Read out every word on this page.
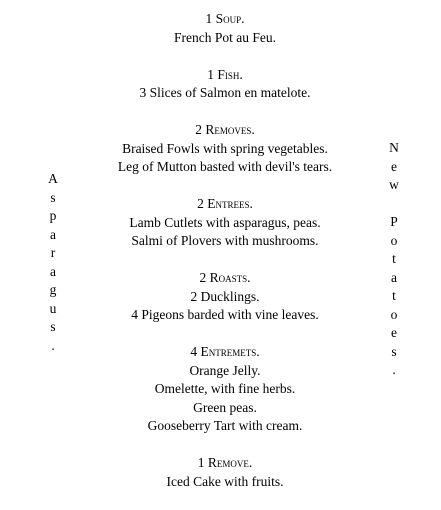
1 Soup.
French Pot au Feu.
1 Fish.
3 Slices of Salmon en matelote.
2 Removes.
Braised Fowls with spring vegetables.
Leg of Mutton basted with devil's tears.
2 Entrees.
Lamb Cutlets with asparagus, peas.
Salmi of Plovers with mushrooms.
2 Roasts.
2 Ducklings.
4 Pigeons barded with vine leaves.
4 Entremets.
Orange Jelly.
Omelette, with fine herbs.
Green peas.
Gooseberry Tart with cream.
1 Remove.
Iced Cake with fruits.
A
s
p
a
r
a
g
u
s
.
N
e
w

P
o
t
a
t
o
e
s
.
